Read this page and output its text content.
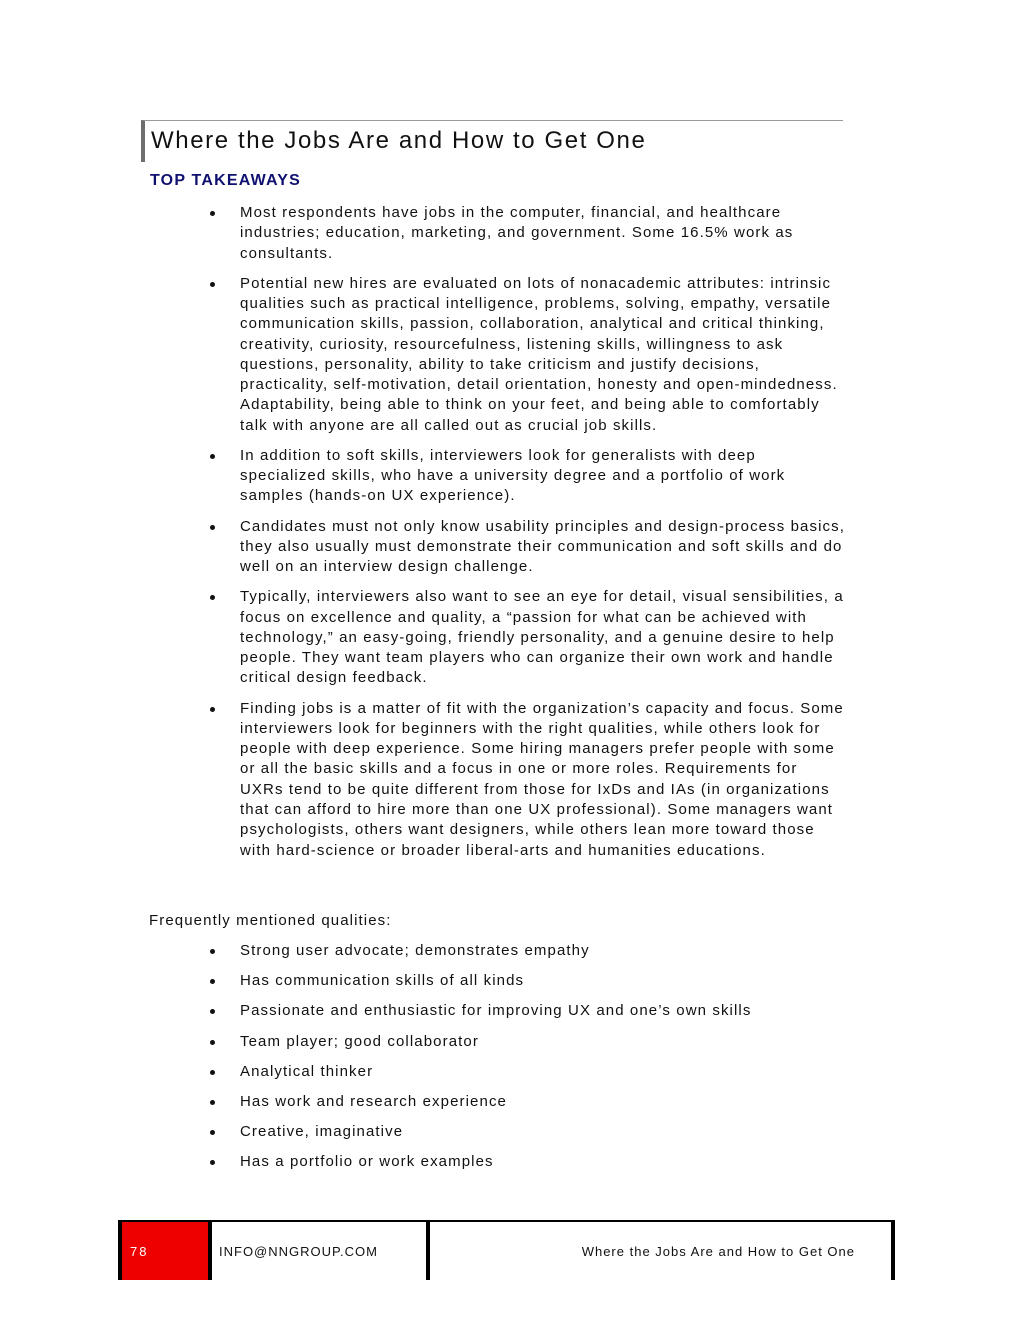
Where the Jobs Are and How to Get One
TOP TAKEAWAYS
Most respondents have jobs in the computer, financial, and healthcare industries; education, marketing, and government. Some 16.5% work as consultants.
Potential new hires are evaluated on lots of nonacademic attributes: intrinsic qualities such as practical intelligence, problems, solving, empathy, versatile communication skills, passion, collaboration, analytical and critical thinking, creativity, curiosity, resourcefulness, listening skills, willingness to ask questions, personality, ability to take criticism and justify decisions, practicality, self-motivation, detail orientation, honesty and open-mindedness. Adaptability, being able to think on your feet, and being able to comfortably talk with anyone are all called out as crucial job skills.
In addition to soft skills, interviewers look for generalists with deep specialized skills, who have a university degree and a portfolio of work samples (hands-on UX experience).
Candidates must not only know usability principles and design-process basics, they also usually must demonstrate their communication and soft skills and do well on an interview design challenge.
Typically, interviewers also want to see an eye for detail, visual sensibilities, a focus on excellence and quality, a “passion for what can be achieved with technology,” an easy-going, friendly personality, and a genuine desire to help people. They want team players who can organize their own work and handle critical design feedback.
Finding jobs is a matter of fit with the organization’s capacity and focus. Some interviewers look for beginners with the right qualities, while others look for people with deep experience. Some hiring managers prefer people with some or all the basic skills and a focus in one or more roles. Requirements for UXRs tend to be quite different from those for IxDs and IAs (in organizations that can afford to hire more than one UX professional). Some managers want psychologists, others want designers, while others lean more toward those with hard-science or broader liberal-arts and humanities educations.

Frequently mentioned qualities:

Strong user advocate; demonstrates empathy
Has communication skills of all kinds
Passionate and enthusiastic for improving UX and one’s own skills
Team player; good collaborator
Analytical thinker
Has work and research experience
Creative, imaginative
Has a portfolio or work examples
78	INFO@NNGROUP.COM	Where the Jobs Are and How to Get One
